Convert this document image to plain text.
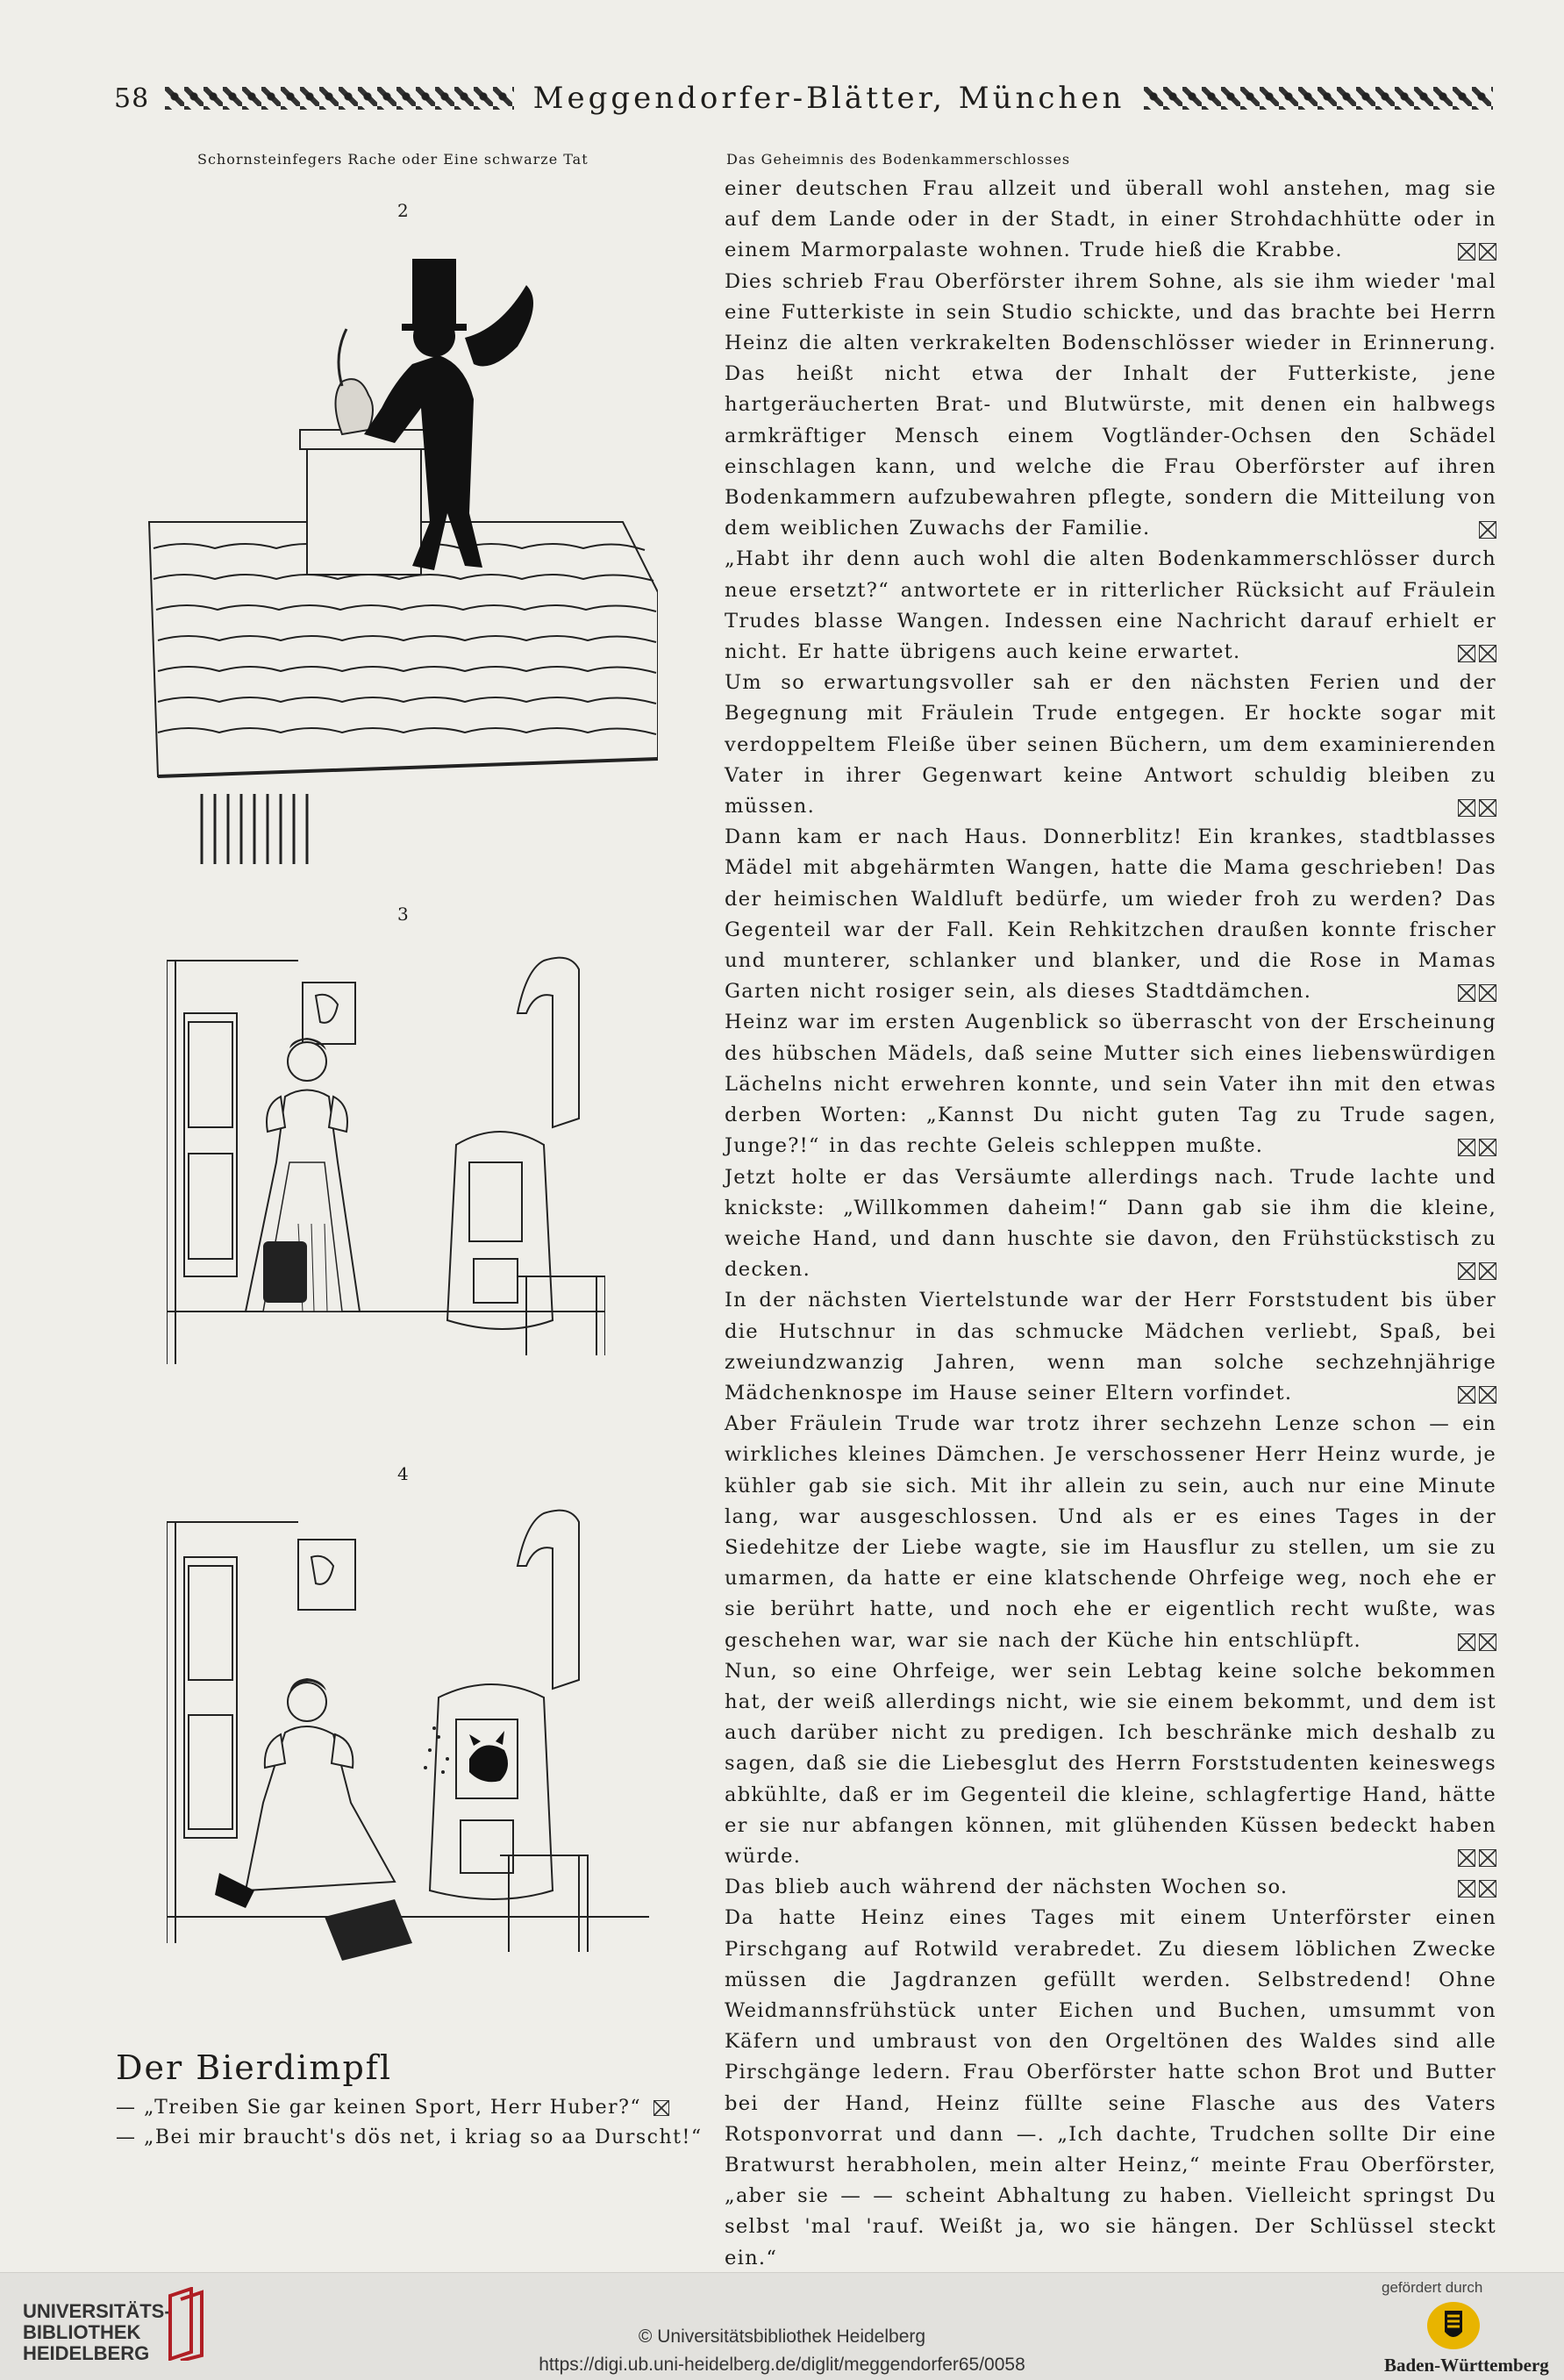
58	Meggendorfer-Blätter, München
Schornsteinfegers Rache oder Eine schwarze Tat	Das Geheimnis des Bodenkammerschlosses
2
3
4
Der Bierdimpfl
— „Treiben Sie gar keinen Sport, Herr Huber?“
— „Bei mir braucht's dös net, i kriag so aa Durscht!“

einer deutschen Frau allzeit und überall wohl anstehen, mag sie auf dem Lande oder in der Stadt, in einer Strohdachhütte oder in einem Marmorpalaste wohnen. Trude hieß die Krabbe.

Dies schrieb Frau Oberförster ihrem Sohne, als sie ihm wieder 'mal eine Futterkiste in sein Studio schickte, und das brachte bei Herrn Heinz die alten verkrakelten Bodenschlösser wieder in Erinnerung. Das heißt nicht etwa der Inhalt der Futterkiste, jene hartgeräucherten Brat- und Blutwürste, mit denen ein halbwegs armkräftiger Mensch einem Vogtländer-Ochsen den Schädel einschlagen kann, und welche die Frau Oberförster auf ihren Bodenkammern aufzubewahren pflegte, sondern die Mitteilung von dem weiblichen Zuwachs der Familie.

„Habt ihr denn auch wohl die alten Bodenkammerschlösser durch neue ersetzt?“ antwortete er in ritterlicher Rücksicht auf Fräulein Trudes blasse Wangen. Indessen eine Nachricht darauf erhielt er nicht. Er hatte übrigens auch keine erwartet.

Um so erwartungsvoller sah er den nächsten Ferien und der Begegnung mit Fräulein Trude entgegen. Er hockte sogar mit verdoppeltem Fleiße über seinen Büchern, um dem examinierenden Vater in ihrer Gegenwart keine Antwort schuldig bleiben zu müssen.

Dann kam er nach Haus. Donnerblitz! Ein krankes, stadtblasses Mädel mit abgehärmten Wangen, hatte die Mama geschrieben! Das der heimischen Waldluft bedürfe, um wieder froh zu werden? Das Gegenteil war der Fall. Kein Rehkitzchen draußen konnte frischer und munterer, schlanker und blanker, und die Rose in Mamas Garten nicht rosiger sein, als dieses Stadtdämchen.

Heinz war im ersten Augenblick so überrascht von der Erscheinung des hübschen Mädels, daß seine Mutter sich eines liebenswürdigen Lächelns nicht erwehren konnte, und sein Vater ihn mit den etwas derben Worten: „Kannst Du nicht guten Tag zu Trude sagen, Junge?!“ in das rechte Geleis schleppen mußte.

Jetzt holte er das Versäumte allerdings nach. Trude lachte und knickste: „Willkommen daheim!“ Dann gab sie ihm die kleine, weiche Hand, und dann huschte sie davon, den Frühstückstisch zu decken.

In der nächsten Viertelstunde war der Herr Forststudent bis über die Hutschnur in das schmucke Mädchen verliebt, Spaß, bei zweiundzwanzig Jahren, wenn man solche sechzehnjährige Mädchenknospe im Hause seiner Eltern vorfindet.

Aber Fräulein Trude war trotz ihrer sechzehn Lenze schon — ein wirkliches kleines Dämchen. Je verschossener Herr Heinz wurde, je kühler gab sie sich. Mit ihr allein zu sein, auch nur eine Minute lang, war ausgeschlossen. Und als er es eines Tages in der Siedehitze der Liebe wagte, sie im Hausflur zu stellen, um sie zu umarmen, da hatte er eine klatschende Ohrfeige weg, noch ehe er sie berührt hatte, und noch ehe er eigentlich recht wußte, was geschehen war, war sie nach der Küche hin entschlüpft.

Nun, so eine Ohrfeige, wer sein Lebtag keine solche bekommen hat, der weiß allerdings nicht, wie sie einem bekommt, und dem ist auch darüber nicht zu predigen. Ich beschränke mich deshalb zu sagen, daß sie die Liebesglut des Herrn Forststudenten keineswegs abkühlte, daß er im Gegenteil die kleine, schlagfertige Hand, hätte er sie nur abfangen können, mit glühenden Küssen bedeckt haben würde.

Das blieb auch während der nächsten Wochen so.

Da hatte Heinz eines Tages mit einem Unterförster einen Pirschgang auf Rotwild verabredet. Zu diesem löblichen Zwecke müssen die Jagdranzen gefüllt werden. Selbstredend! Ohne Weidmannsfrühstück unter Eichen und Buchen, umsummt von Käfern und umbraust von den Orgeltönen des Waldes sind alle Pirschgänge ledern. Frau Oberförster hatte schon Brot und Butter bei der Hand, Heinz füllte seine Flasche aus des Vaters Rotsponvorrat und dann —. „Ich dachte, Trudchen sollte Dir eine Bratwurst herabholen, mein alter Heinz,“ meinte Frau Oberförster, „aber sie — — scheint Abhaltung zu haben. Vielleicht springst Du selbst 'mal 'rauf. Weißt ja, wo sie hängen. Der Schlüssel steckt ein.“

UNIVERSITÄTS-
BIBLIOTHEK
HEIDELBERG
© Universitätsbibliothek Heidelberg
https://digi.ub.uni-heidelberg.de/diglit/meggendorfer65/0058
gefördert durch
Baden-Württemberg
